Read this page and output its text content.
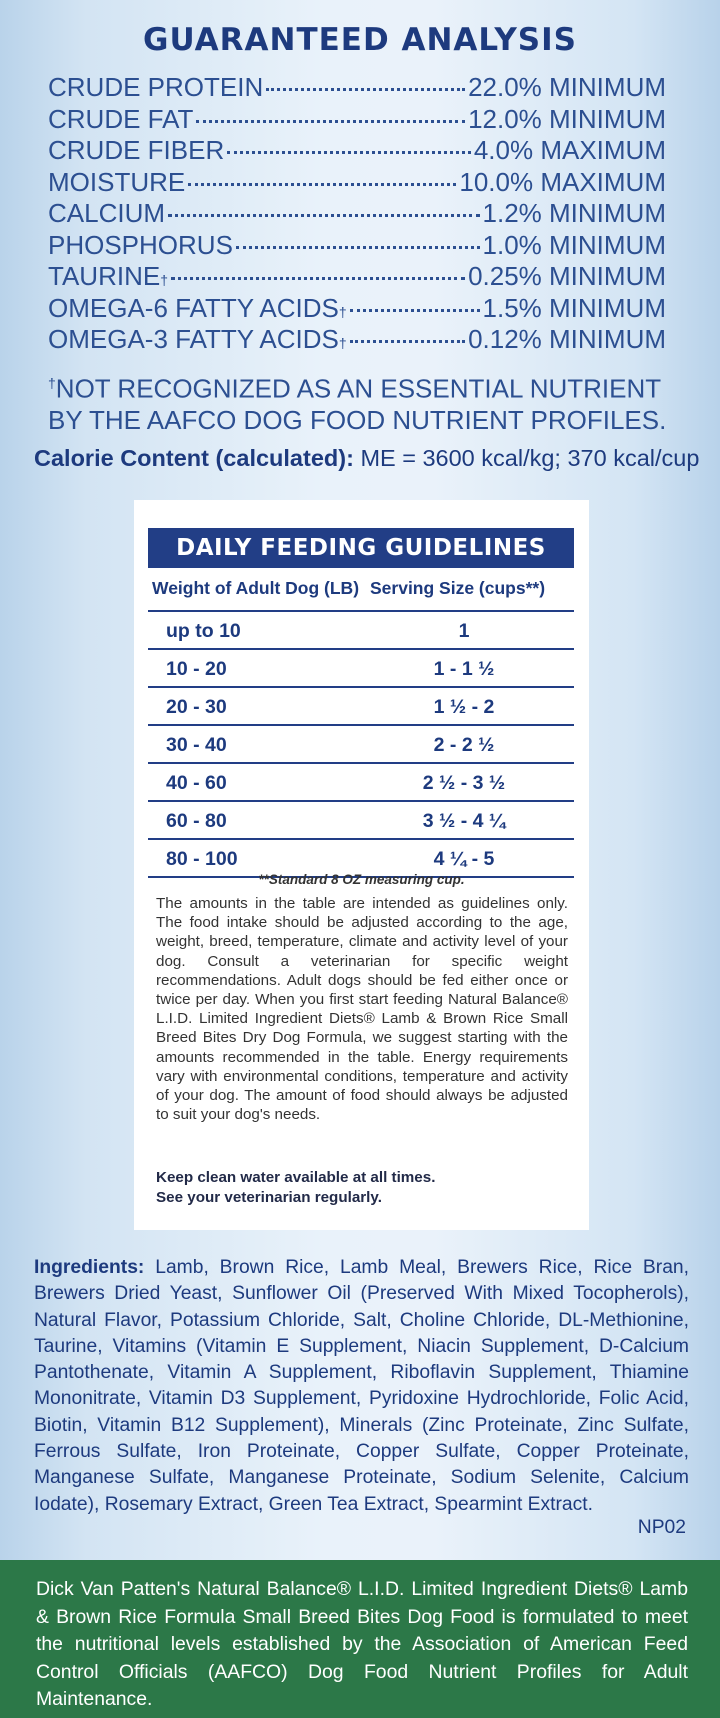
GUARANTEED ANALYSIS
CRUDE PROTEIN	22.0% MINIMUM
CRUDE FAT	12.0% MINIMUM
CRUDE FIBER	4.0% MAXIMUM
MOISTURE	10.0% MAXIMUM
CALCIUM	1.2% MINIMUM
PHOSPHORUS	1.0% MINIMUM
TAURINE †	0.25% MINIMUM
OMEGA-6 FATTY ACIDS †	1.5% MINIMUM
OMEGA-3 FATTY ACIDS †	0.12% MINIMUM
†NOT RECOGNIZED AS AN ESSENTIAL NUTRIENT BY THE AAFCO DOG FOOD NUTRIENT PROFILES.
Calorie Content (calculated): ME = 3600 kcal/kg; 370 kcal/cup
DAILY FEEDING GUIDELINES
Weight of Adult Dog (LB) Serving Size (cups**)
up to 10	1
10 - 20	1 - 1 ½
20 - 30	1 ½ - 2
30 - 40	2 - 2 ½
40 - 60	2 ½ - 3 ½
60 - 80	3 ½ - 4 ¼
80 - 100	4 ¼ - 5
**Standard 8 OZ measuring cup.
The amounts in the table are intended as guidelines only. The food intake should be adjusted according to the age, weight, breed, temperature, climate and activity level of your dog. Consult a veterinarian for specific weight recommendations. Adult dogs should be fed either once or twice per day. When you first start feeding Natural Balance® L.I.D. Limited Ingredient Diets® Lamb & Brown Rice Small Breed Bites Dry Dog Formula, we suggest starting with the amounts recommended in the table. Energy requirements vary with environmental conditions, temperature and activity of your dog. The amount of food should always be adjusted to suit your dog's needs.
Keep clean water available at all times.
See your veterinarian regularly.
Ingredients: Lamb, Brown Rice, Lamb Meal, Brewers Rice, Rice Bran, Brewers Dried Yeast, Sunflower Oil (Preserved With Mixed Tocopherols), Natural Flavor, Potassium Chloride, Salt, Choline Chloride, DL-Methionine, Taurine, Vitamins (Vitamin E Supplement, Niacin Supplement, D-Calcium Pantothenate, Vitamin A Supplement, Riboflavin Supplement, Thiamine Mononitrate, Vitamin D3 Supplement, Pyridoxine Hydrochloride, Folic Acid, Biotin, Vitamin B12 Supplement), Minerals (Zinc Proteinate, Zinc Sulfate, Ferrous Sulfate, Iron Proteinate, Copper Sulfate, Copper Proteinate, Manganese Sulfate, Manganese Proteinate, Sodium Selenite, Calcium Iodate), Rosemary Extract, Green Tea Extract, Spearmint Extract.
NP02
Dick Van Patten's Natural Balance® L.I.D. Limited Ingredient Diets® Lamb & Brown Rice Formula Small Breed Bites Dog Food is formulated to meet the nutritional levels established by the Association of American Feed Control Officials (AAFCO) Dog Food Nutrient Profiles for Adult Maintenance.
